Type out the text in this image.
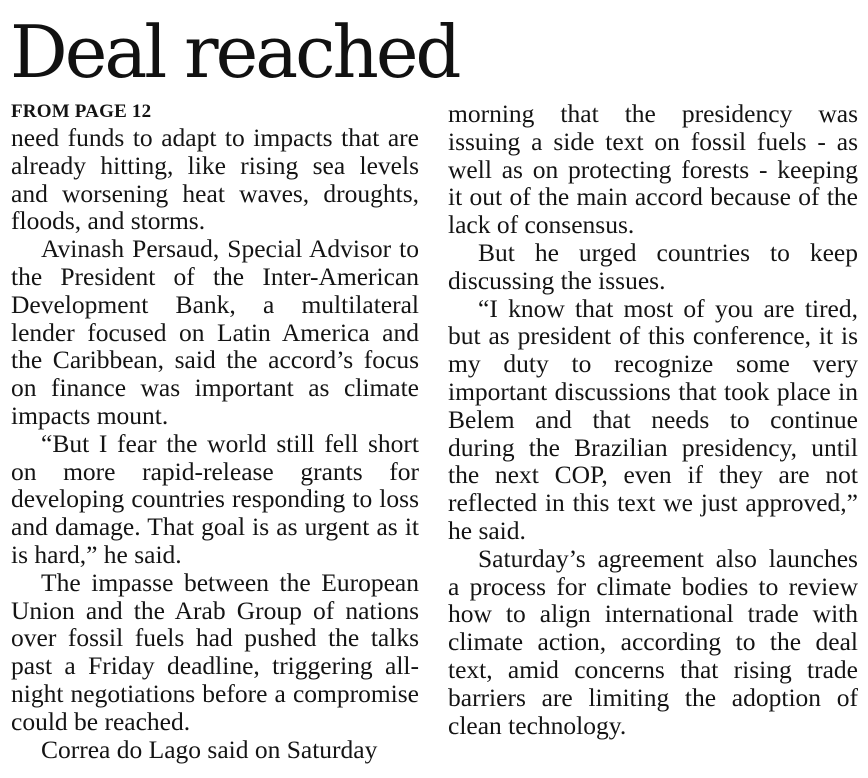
Deal reached
FROM PAGE 12

need funds to adapt to impacts that are already hitting, like rising sea levels and worsening heat waves, droughts, floods, and storms.

Avinash Persaud, Special Advisor to the President of the Inter-American Development Bank, a multilateral lender focused on Latin America and the Caribbean, said the accord’s focus on finance was important as climate impacts mount.

“But I fear the world still fell short on more rapid-release grants for developing countries responding to loss and damage. That goal is as urgent as it is hard,” he said.

The impasse between the European Union and the Arab Group of nations over fossil fuels had pushed the talks past a Friday deadline, triggering all-night negotiations before a compromise could be reached.

Correa do Lago said on Saturday

morning that the presidency was issuing a side text on fossil fuels - as well as on protecting forests - keeping it out of the main accord because of the lack of consensus.

But he urged countries to keep discussing the issues.

“I know that most of you are tired, but as president of this conference, it is my duty to recognize some very important discussions that took place in Belem and that needs to continue during the Brazilian presidency, until the next COP, even if they are not reflected in this text we just approved,” he said.

Saturday’s agreement also launches a process for climate bodies to review how to align international trade with climate action, according to the deal text, amid concerns that rising trade barriers are limiting the adoption of clean technology.
